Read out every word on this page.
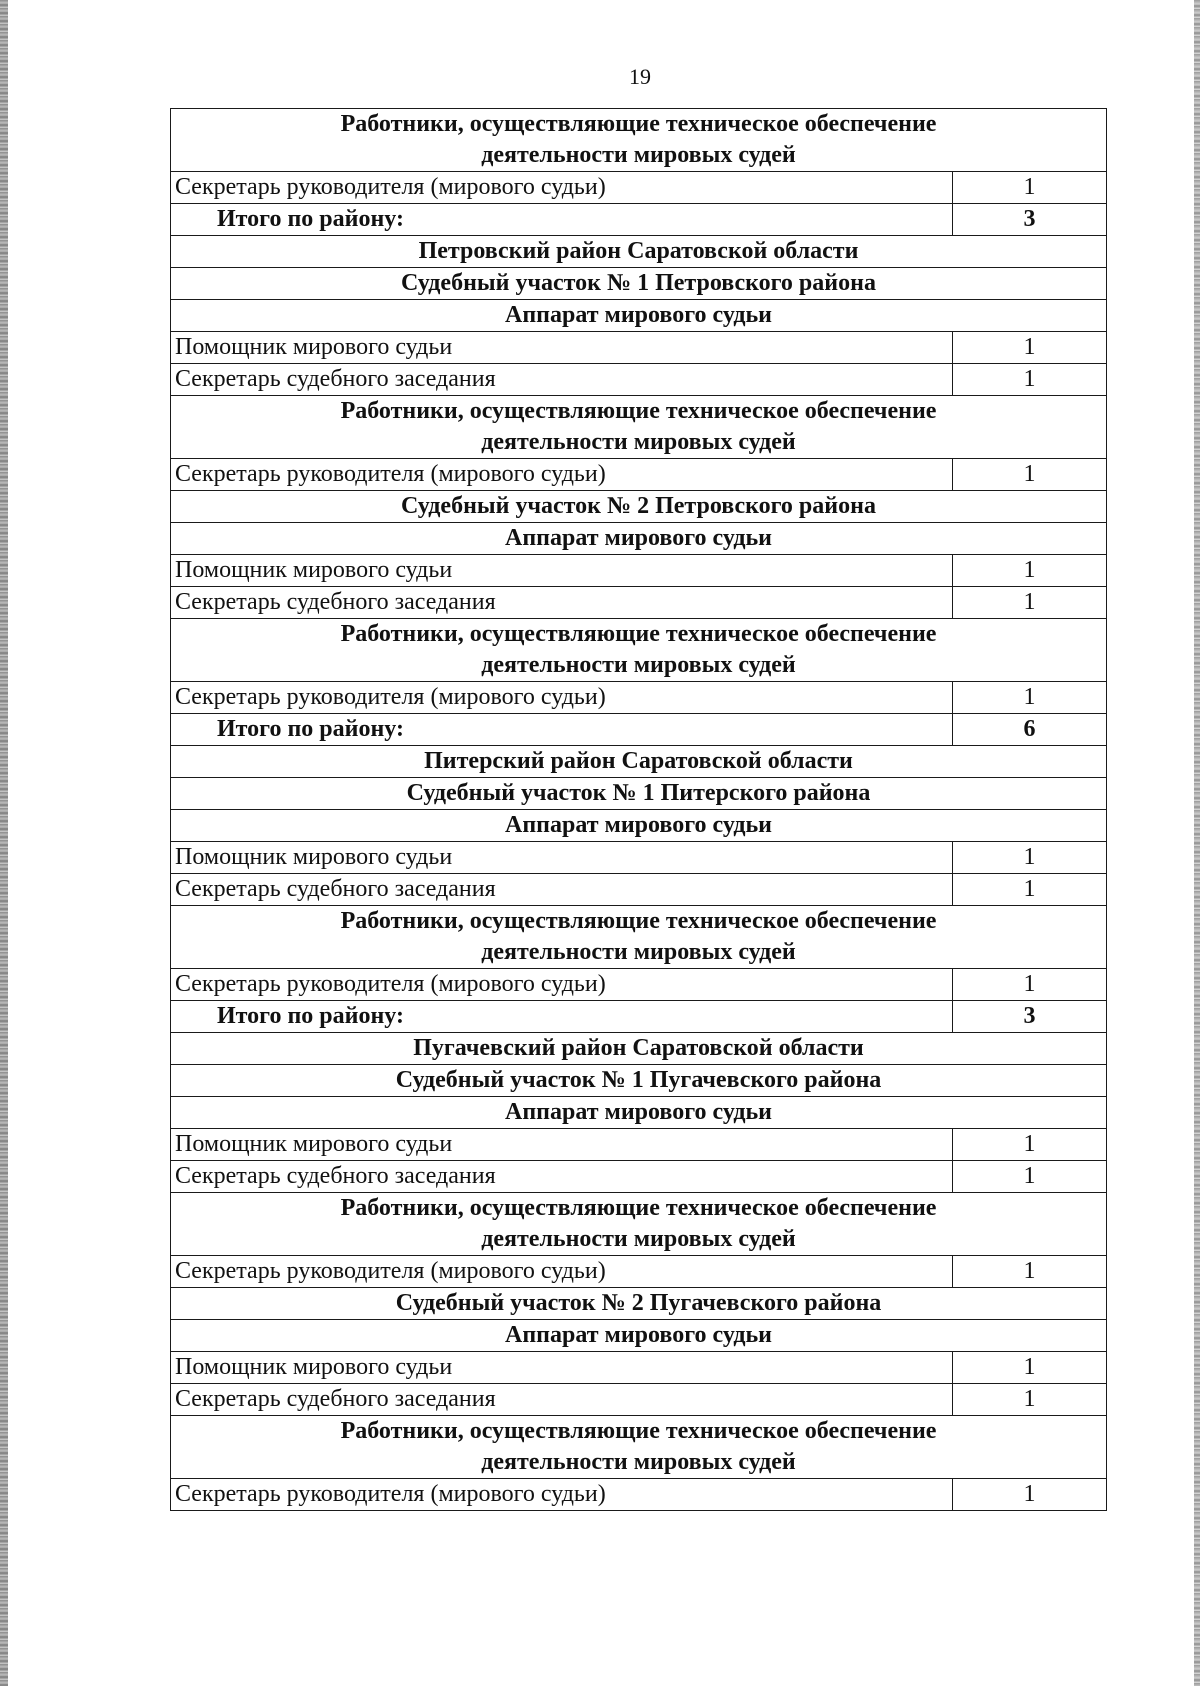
19
Работники, осуществляющие техническое обеспечение
деятельности мировых судей	
Секретарь руководителя (мирового судьи)	1
Итого по району:	3
Петровский район Саратовской области	
Судебный участок № 1 Петровского района	
Аппарат мирового судьи	
Помощник мирового судьи	1
Секретарь судебного заседания	1
Работники, осуществляющие техническое обеспечение
деятельности мировых судей	
Секретарь руководителя (мирового судьи)	1
Судебный участок № 2 Петровского района	
Аппарат мирового судьи	
Помощник мирового судьи	1
Секретарь судебного заседания	1
Работники, осуществляющие техническое обеспечение
деятельности мировых судей	
Секретарь руководителя (мирового судьи)	1
Итого по району:	6
Питерский район Саратовской области	
Судебный участок № 1 Питерского района	
Аппарат мирового судьи	
Помощник мирового судьи	1
Секретарь судебного заседания	1
Работники, осуществляющие техническое обеспечение
деятельности мировых судей	
Секретарь руководителя (мирового судьи)	1
Итого по району:	3
Пугачевский район Саратовской области	
Судебный участок № 1 Пугачевского района	
Аппарат мирового судьи	
Помощник мирового судьи	1
Секретарь судебного заседания	1
Работники, осуществляющие техническое обеспечение
деятельности мировых судей	
Секретарь руководителя (мирового судьи)	1
Судебный участок № 2 Пугачевского района	
Аппарат мирового судьи	
Помощник мирового судьи	1
Секретарь судебного заседания	1
Работники, осуществляющие техническое обеспечение
деятельности мировых судей	
Секретарь руководителя (мирового судьи)	1
